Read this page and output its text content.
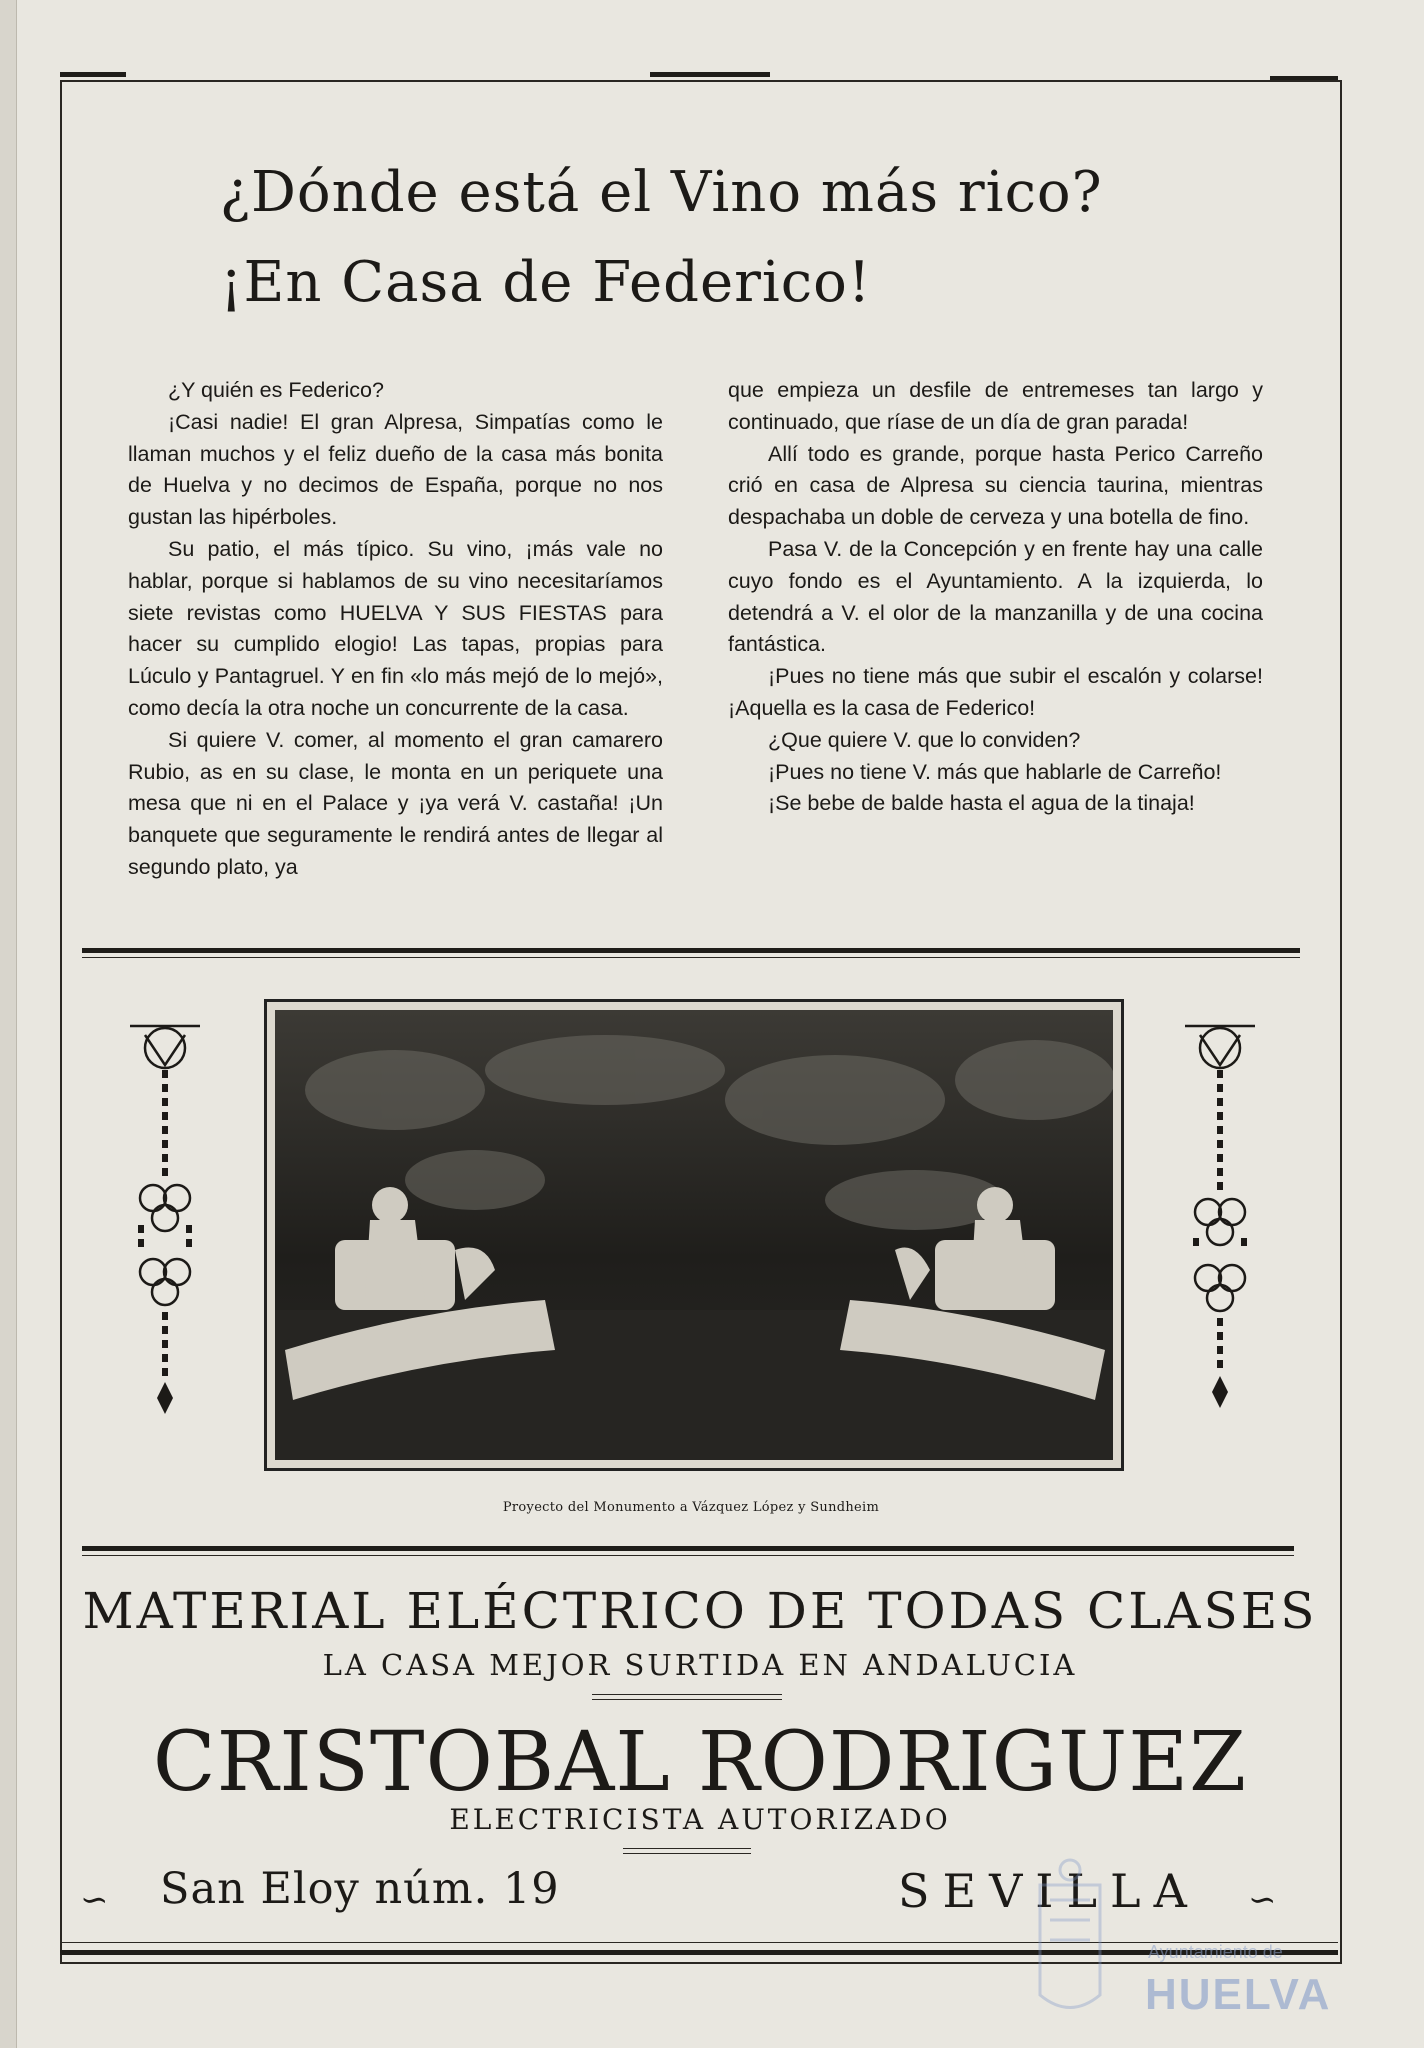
¿Dónde está el Vino más rico?
¡En Casa de Federico!

¿Y quién es Federico?

¡Casi nadie! El gran Alpresa, Simpatías como le llaman muchos y el feliz dueño de la casa más bonita de Huelva y no decimos de España, porque no nos gustan las hipérboles.

Su patio, el más típico. Su vino, ¡más vale no hablar, porque si hablamos de su vino necesitaríamos siete revistas como HUELVA Y SUS FIESTAS para hacer su cumplido elogio! Las tapas, propias para Lúculo y Pantagruel. Y en fin «lo más mejó de lo mejó», como decía la otra noche un concurrente de la casa.

Si quiere V. comer, al momento el gran camarero Rubio, as en su clase, le monta en un periquete una mesa que ni en el Palace y ¡ya verá V. castaña! ¡Un banquete que seguramente le rendirá antes de llegar al segundo plato, ya

que empieza un desfile de entremeses tan largo y continuado, que ríase de un día de gran parada!

Allí todo es grande, porque hasta Perico Carreño crió en casa de Alpresa su ciencia taurina, mientras despachaba un doble de cerveza y una botella de fino.

Pasa V. de la Concepción y en frente hay una calle cuyo fondo es el Ayuntamiento. A la izquierda, lo detendrá a V. el olor de la manzanilla y de una cocina fantástica.

¡Pues no tiene más que subir el escalón y colarse! ¡Aquella es la casa de Federico!

¿Que quiere V. que lo conviden?

¡Pues no tiene V. más que hablarle de Carreño!

¡Se bebe de balde hasta el agua de la tinaja!

Proyecto del Monumento a Vázquez López y Sundheim
MATERIAL ELÉCTRICO DE TODAS CLASES
LA CASA MEJOR SURTIDA EN ANDALUCIA
CRISTOBAL RODRIGUEZ
ELECTRICISTA AUTORIZADO
∽ San Eloy núm. 19	SEVILLA ∽
Ayuntamiento de
HUELVA
